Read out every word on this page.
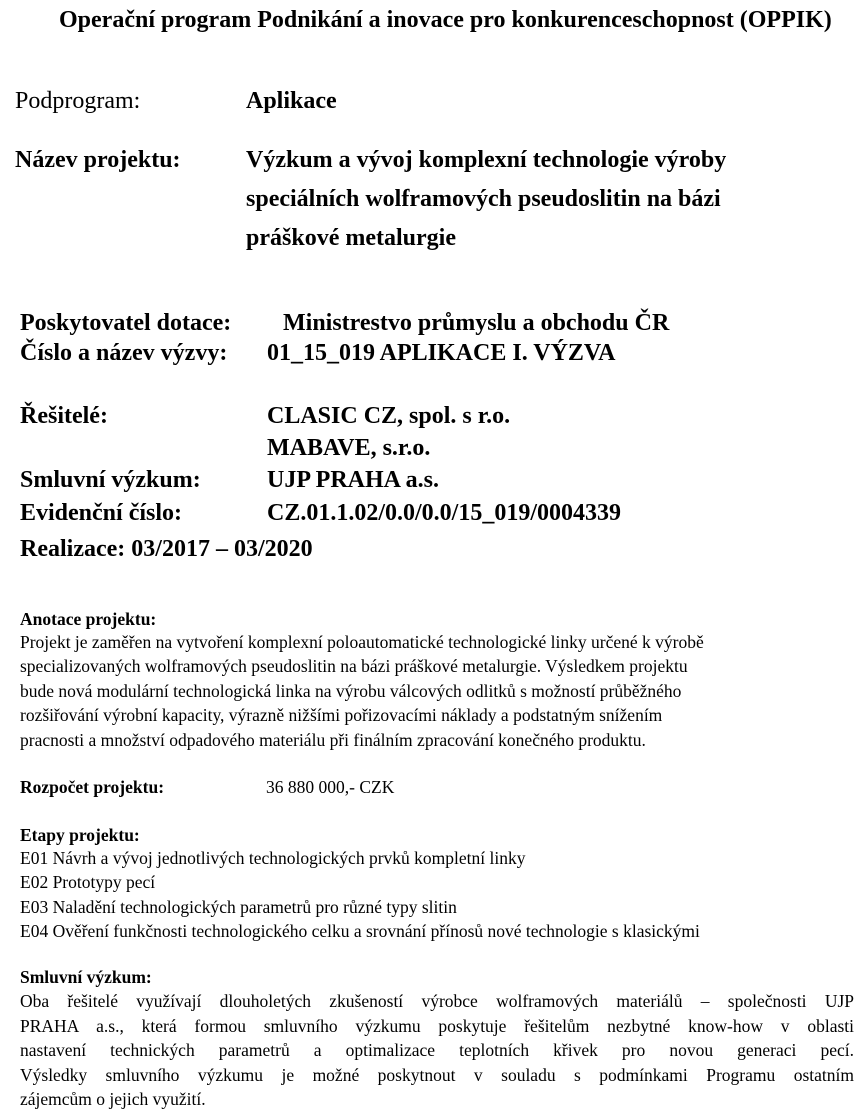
Operační program Podnikání a inovace pro konkurenceschopnost (OPPIK)
Podprogram:	Aplikace
Název projektu:	Výzkum a vývoj komplexní technologie výroby
speciálních wolframových pseudoslitin na bázi
práškové metalurgie
Poskytovatel dotace: Ministrestvo průmyslu a obchodu ČR
Číslo a název výzvy: 01_15_019 APLIKACE I. VÝZVA
Řešitelé:	CLASIC CZ, spol. s r.o.
MABAVE, s.r.o.
Smluvní výzkum:	UJP PRAHA a.s.
Evidenční číslo:	CZ.01.1.02/0.0/0.0/15_019/0004339
Realizace: 03/2017 – 03/2020
Anotace projektu:
Projekt je zaměřen na vytvoření komplexní poloautomatické technologické linky určené k výrobě
specializovaných wolframových pseudoslitin na bázi práškové metalurgie. Výsledkem projektu
bude nová modulární technologická linka na výrobu válcových odlitků s možností průběžného
rozšiřování výrobní kapacity, výrazně nižšími pořizovacími náklady a podstatným snížením
pracnosti a množství odpadového materiálu při finálním zpracování konečného produktu.
Rozpočet projektu:	36 880 000,- CZK
Etapy projektu:
E01 Návrh a vývoj jednotlivých technologických prvků kompletní linky
E02 Prototypy pecí
E03 Naladění technologických parametrů pro různé typy slitin
E04 Ověření funkčnosti technologického celku a srovnání přínosů nové technologie s klasickými
Smluvní výzkum:
Oba řešitelé využívají dlouholetých zkušeností výrobce wolframových materiálů – společnosti UJP
PRAHA a.s., která formou smluvního výzkumu poskytuje řešitelům nezbytné know-how v oblasti
nastavení technických parametrů a optimalizace teplotních křivek pro novou generaci pecí.
Výsledky smluvního výzkumu je možné poskytnout v souladu s podmínkami Programu ostatním
zájemcům o jejich využití.
